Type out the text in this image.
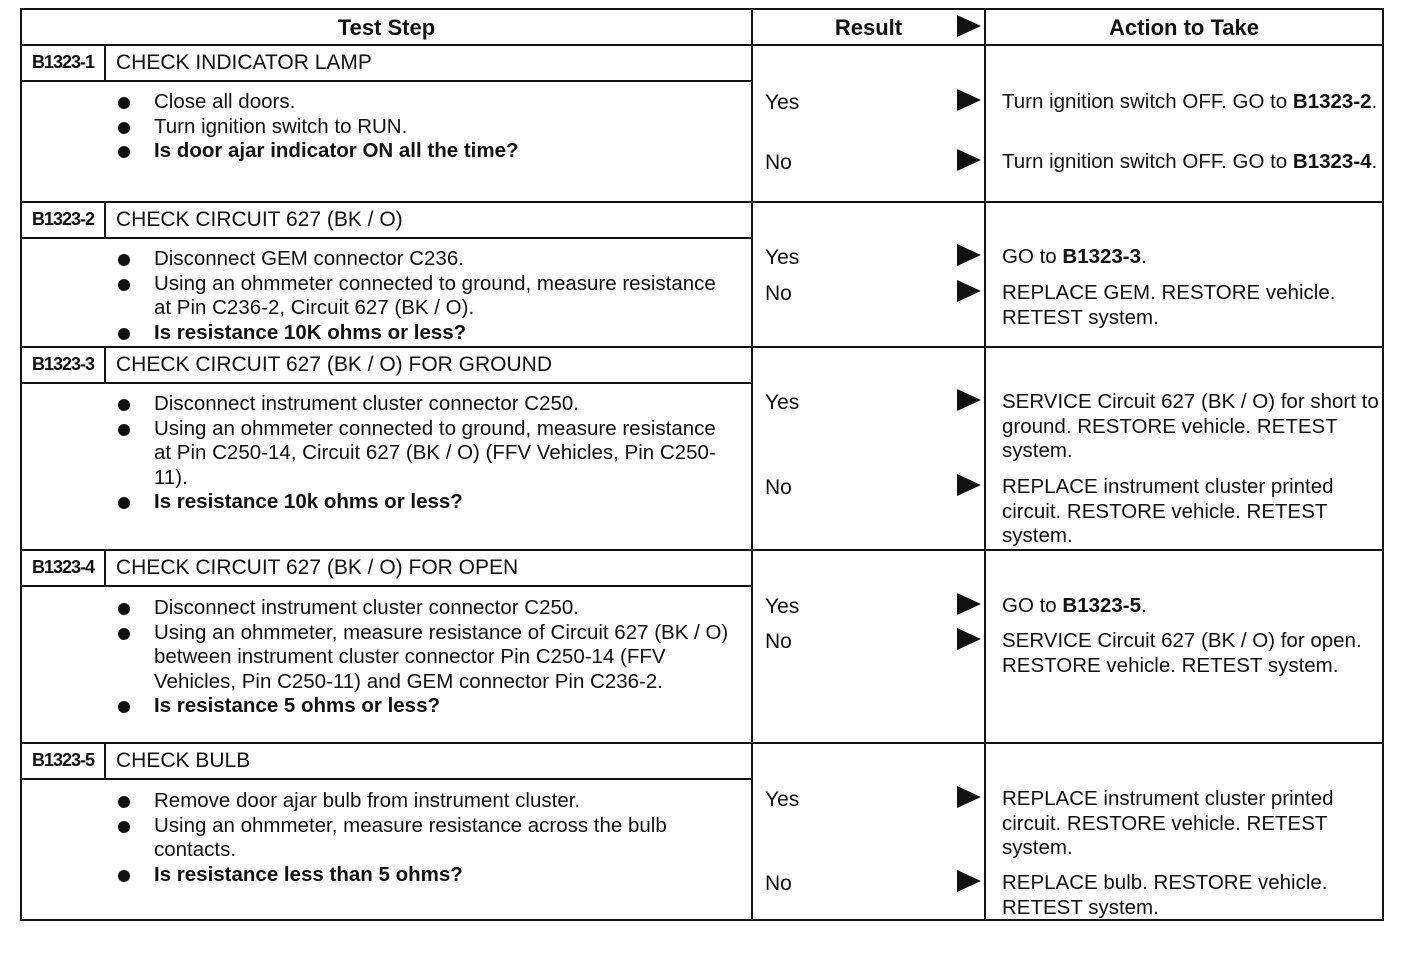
Test Step	Result	Action to Take
B1323-1	CHECK INDICATOR LAMP
Close all doors.
Turn ignition switch to RUN.
Is door ajar indicator ON all the time?
Yes	Turn ignition switch OFF. GO to B1323-2.
No	Turn ignition switch OFF. GO to B1323-4.
B1323-2	CHECK CIRCUIT 627 (BK / O)
Disconnect GEM connector C236.
Using an ohmmeter connected to ground, measure resistance at Pin C236-2, Circuit 627 (BK / O).
Is resistance 10K ohms or less?
Yes	GO to B1323-3.
No	REPLACE GEM. RESTORE vehicle. RETEST system.
B1323-3	CHECK CIRCUIT 627 (BK / O) FOR GROUND
Disconnect instrument cluster connector C250.
Using an ohmmeter connected to ground, measure resistance at Pin C250-14, Circuit 627 (BK / O) (FFV Vehicles, Pin C250-11).
Is resistance 10k ohms or less?
Yes	SERVICE Circuit 627 (BK / O) for short to ground. RESTORE vehicle. RETEST system.
No	REPLACE instrument cluster printed circuit. RESTORE vehicle. RETEST system.
B1323-4	CHECK CIRCUIT 627 (BK / O) FOR OPEN
Disconnect instrument cluster connector C250.
Using an ohmmeter, measure resistance of Circuit 627 (BK / O) between instrument cluster connector Pin C250-14 (FFV Vehicles, Pin C250-11) and GEM connector Pin C236-2.
Is resistance 5 ohms or less?
Yes	GO to B1323-5.
No	SERVICE Circuit 627 (BK / O) for open. RESTORE vehicle. RETEST system.
B1323-5	CHECK BULB
Remove door ajar bulb from instrument cluster.
Using an ohmmeter, measure resistance across the bulb contacts.
Is resistance less than 5 ohms?
Yes	REPLACE instrument cluster printed circuit. RESTORE vehicle. RETEST system.
No	REPLACE bulb. RESTORE vehicle. RETEST system.
